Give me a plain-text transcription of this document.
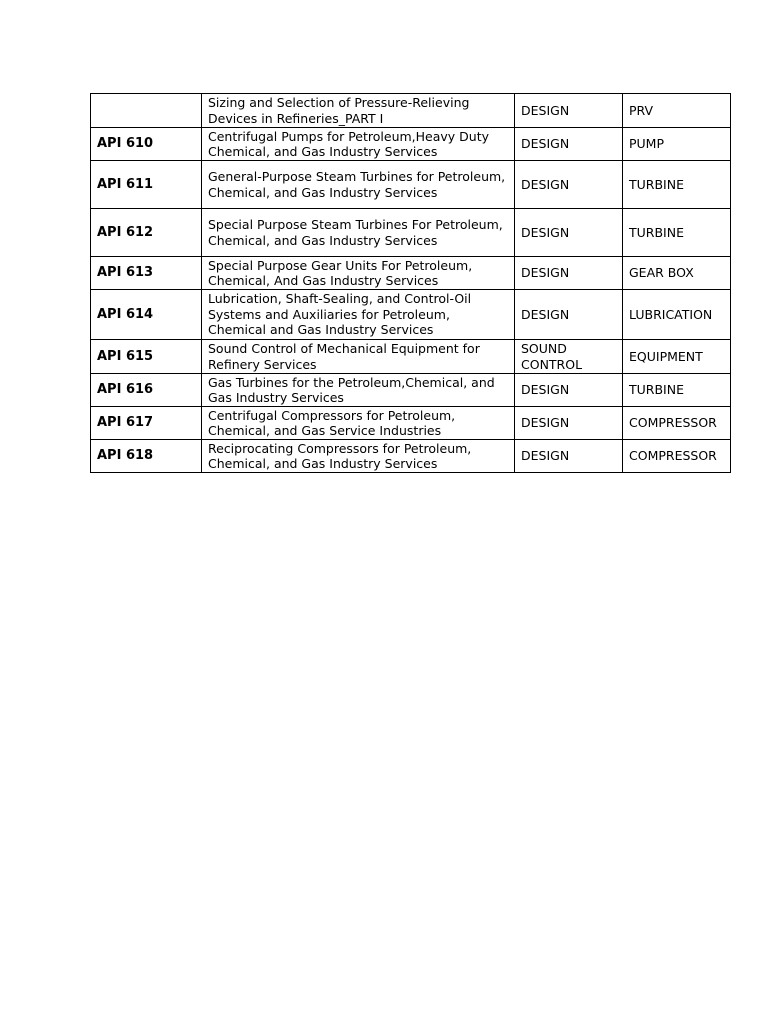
	Sizing and Selection of Pressure-Relieving Devices in Refineries_PART I	DESIGN	PRV
API 610	Centrifugal Pumps for Petroleum,Heavy Duty Chemical, and Gas Industry Services	DESIGN	PUMP
API 611	General-Purpose Steam Turbines for Petroleum, Chemical, and Gas Industry Services	DESIGN	TURBINE
API 612	Special Purpose Steam Turbines For Petroleum, Chemical, and Gas Industry Services	DESIGN	TURBINE
API 613	Special Purpose Gear Units For Petroleum, Chemical, And Gas Industry Services	DESIGN	GEAR BOX
API 614	Lubrication, Shaft-Sealing, and Control-Oil Systems and Auxiliaries for Petroleum, Chemical and Gas Industry Services	DESIGN	LUBRICATION
API 615	Sound Control of Mechanical Equipment for Refinery Services	SOUND CONTROL	EQUIPMENT
API 616	Gas Turbines for the Petroleum,Chemical, and Gas Industry Services	DESIGN	TURBINE
API 617	Centrifugal Compressors for Petroleum, Chemical, and Gas Service Industries	DESIGN	COMPRESSOR
API 618	Reciprocating Compressors for Petroleum, Chemical, and Gas Industry Services	DESIGN	COMPRESSOR
